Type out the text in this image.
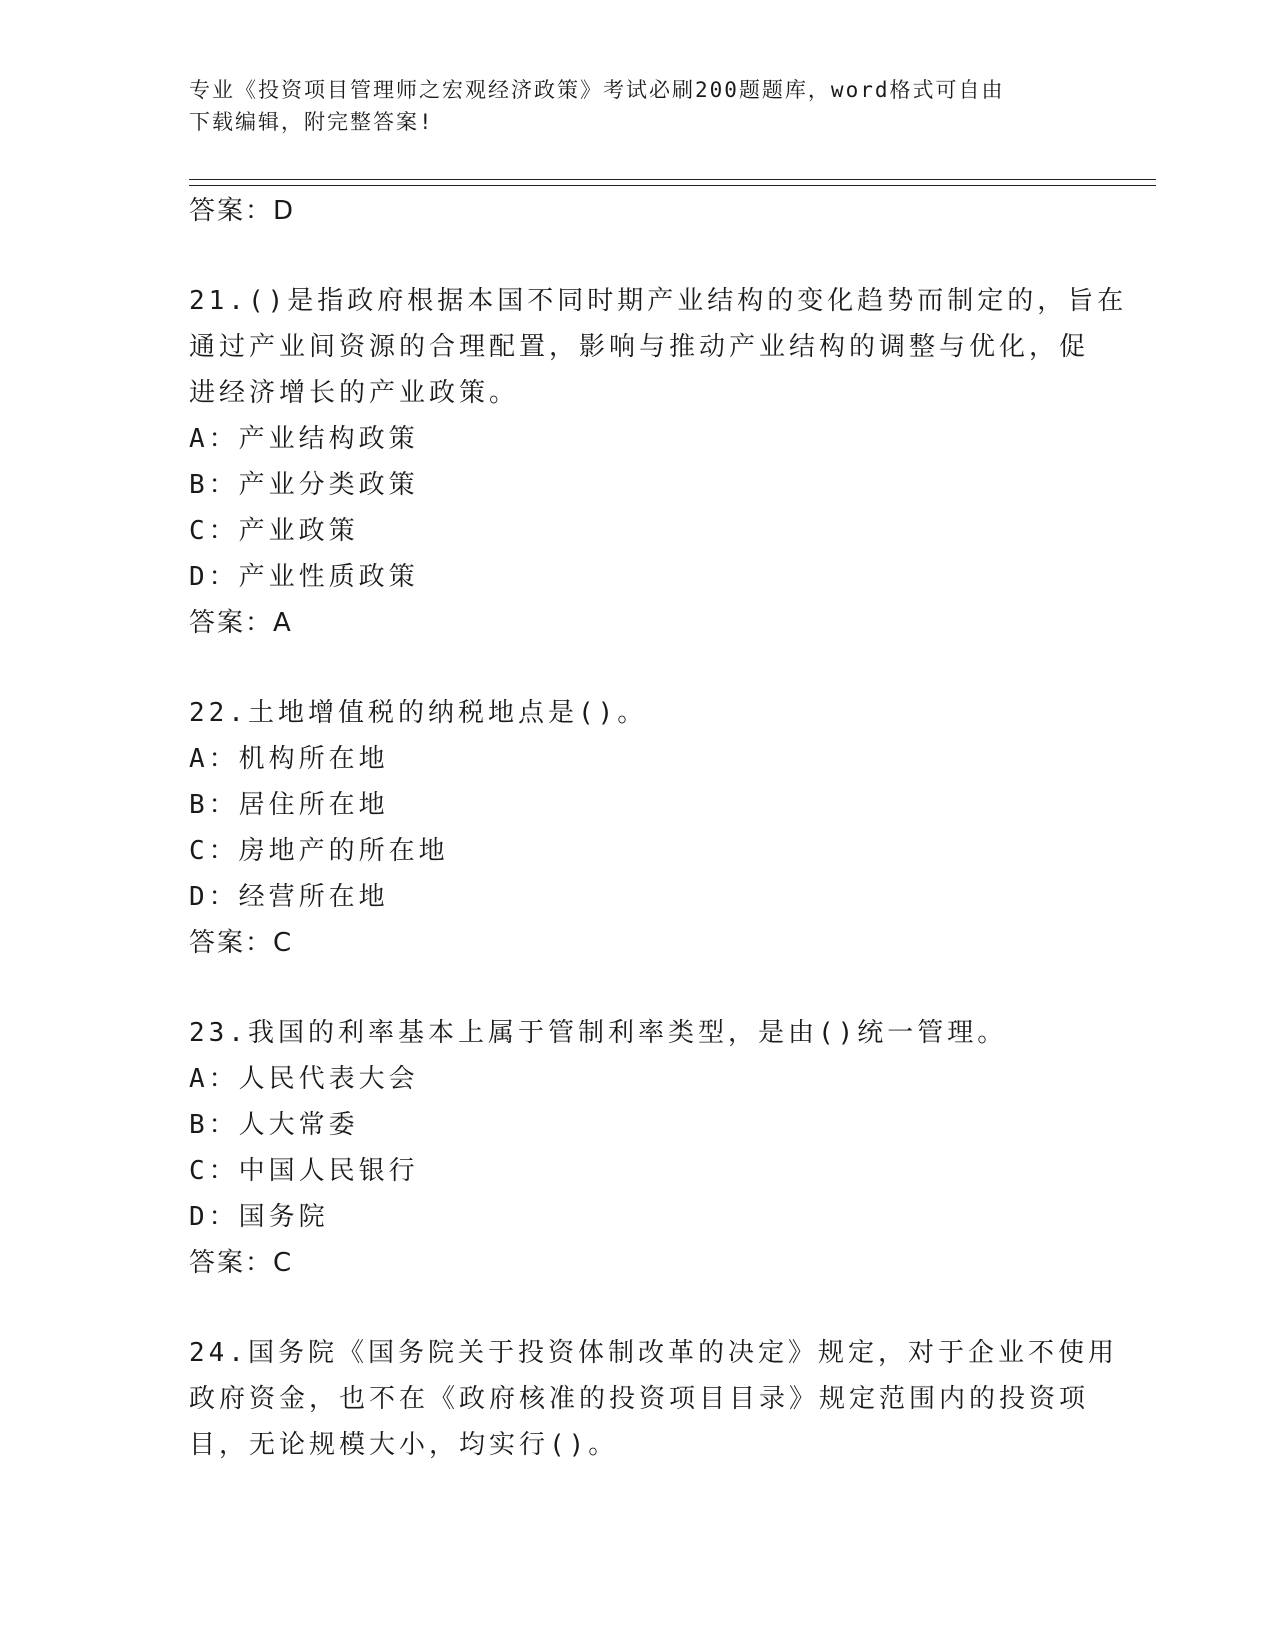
专业《投资项目管理师之宏观经济政策》考试必刷200题题库，word格式可自由
下载编辑，附完整答案!
答案：D
21.()是指政府根据本国不同时期产业结构的变化趋势而制定的，旨在
通过产业间资源的合理配置，影响与推动产业结构的调整与优化，促
进经济增长的产业政策。
A：产业结构政策
B：产业分类政策
C：产业政策
D：产业性质政策
答案：A
22.土地增值税的纳税地点是()。
A：机构所在地
B：居住所在地
C：房地产的所在地
D：经营所在地
答案：C
23.我国的利率基本上属于管制利率类型，是由()统一管理。
A：人民代表大会
B：人大常委
C：中国人民银行
D：国务院
答案：C
24.国务院《国务院关于投资体制改革的决定》规定，对于企业不使用
政府资金，也不在《政府核准的投资项目目录》规定范围内的投资项
目，无论规模大小，均实行()。
